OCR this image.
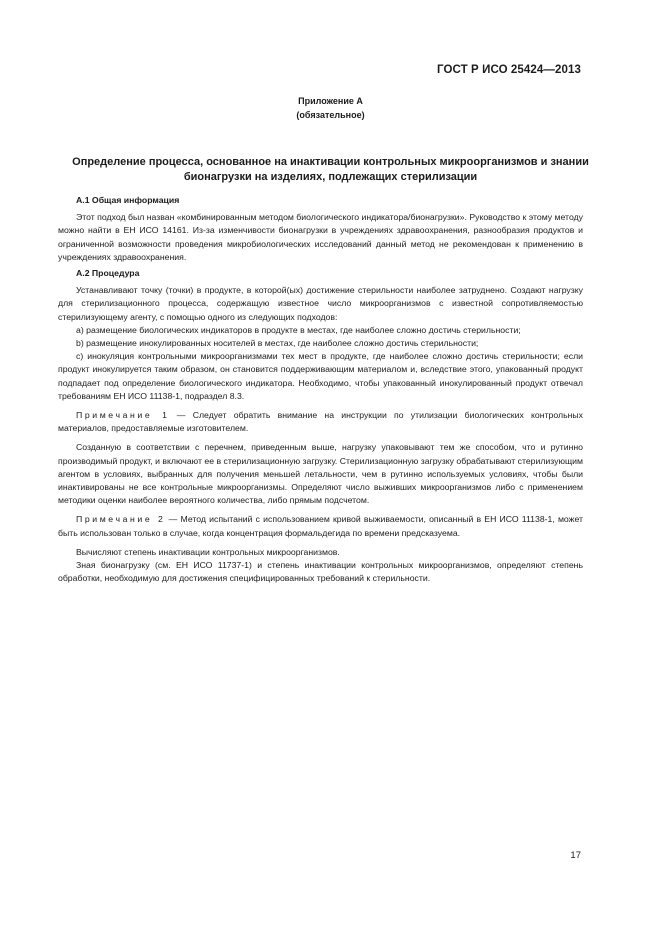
ГОСТ Р ИСО 25424—2013
Приложение А
(обязательное)
Определение процесса, основанное на инактивации контрольных микроорганизмов и знании бионагрузки на изделиях, подлежащих стерилизации

А.1 Общая информация

Этот подход был назван «комбинированным методом биологического индикатора/бионагрузки». Руководство к этому методу можно найти в ЕН ИСО 14161. Из-за изменчивости бионагрузки в учреждениях здравоохранения, разнообразия продуктов и ограниченной возможности проведения микробиологических исследований данный метод не рекомендован к применению в учреждениях здравоохранения.

А.2 Процедура

Устанавливают точку (точки) в продукте, в которой(ых) достижение стерильности наиболее затруднено. Создают нагрузку для стерилизационного процесса, содержащую известное число микроорганизмов с известной сопротивляемостью стерилизующему агенту, с помощью одного из следующих подходов:

а) размещение биологических индикаторов в продукте в местах, где наиболее сложно достичь стерильности;

b) размещение инокулированных носителей в местах, где наиболее сложно достичь стерильности;

с) инокуляция контрольными микроорганизмами тех мест в продукте, где наиболее сложно достичь стерильности; если продукт инокулируется таким образом, он становится поддерживающим материалом и, вследствие этого, упакованный продукт подпадает под определение биологического индикатора. Необходимо, чтобы упакованный инокулированный продукт отвечал требованиям ЕН ИСО 11138-1, подраздел 8.3.

Примечание 1 — Следует обратить внимание на инструкции по утилизации биологических контрольных материалов, предоставляемые изготовителем.

Созданную в соответствии с перечнем, приведенным выше, нагрузку упаковывают тем же способом, что и рутинно производимый продукт, и включают ее в стерилизационную загрузку. Стерилизационную загрузку обрабатывают стерилизующим агентом в условиях, выбранных для получения меньшей летальности, чем в рутинно используемых условиях, чтобы были инактивированы не все контрольные микроорганизмы. Определяют число выживших микроорганизмов либо с применением методики оценки наиболее вероятного количества, либо прямым подсчетом.

Примечание 2 — Метод испытаний с использованием кривой выживаемости, описанный в ЕН ИСО 11138-1, может быть использован только в случае, когда концентрация формальдегида по времени предсказуема.

Вычисляют степень инактивации контрольных микроорганизмов.

Зная бионагрузку (см. ЕН ИСО 11737-1) и степень инактивации контрольных микроорганизмов, определяют степень обработки, необходимую для достижения специфицированных требований к стерильности.

17
